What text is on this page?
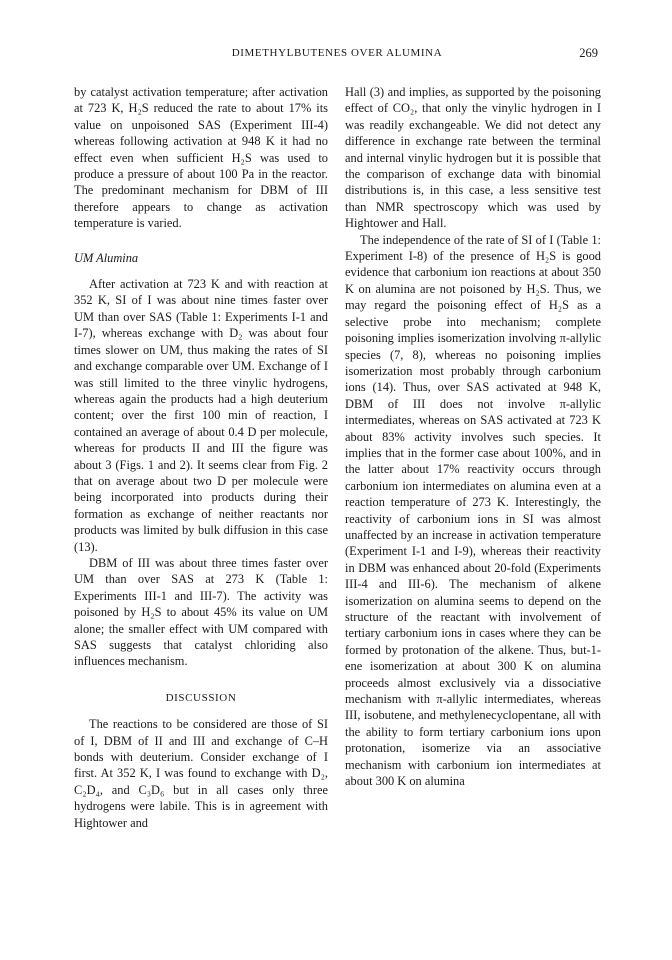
DIMETHYLBUTENES OVER ALUMINA	269

by catalyst activation temperature; after activation at 723 K, H₂S reduced the rate to about 17% its value on unpoisoned SAS (Experiment III-4) whereas following activation at 948 K it had no effect even when sufficient H₂S was used to produce a pressure of about 100 Pa in the reactor. The predominant mechanism for DBM of III therefore appears to change as activation temperature is varied.

UM Alumina

After activation at 723 K and with reaction at 352 K, SI of I was about nine times faster over UM than over SAS (Table 1: Experiments I-1 and I-7), whereas exchange with D₂ was about four times slower on UM, thus making the rates of SI and exchange comparable over UM. Exchange of I was still limited to the three vinylic hydrogens, whereas again the products had a high deuterium content; over the first 100 min of reaction, I contained an average of about 0.4 D per molecule, whereas for products II and III the figure was about 3 (Figs. 1 and 2). It seems clear from Fig. 2 that on average about two D per molecule were being incorporated into products during their formation as exchange of neither reactants nor products was limited by bulk diffusion in this case (13).

DBM of III was about three times faster over UM than over SAS at 273 K (Table 1: Experiments III-1 and III-7). The activity was poisoned by H₂S to about 45% its value on UM alone; the smaller effect with UM compared with SAS suggests that catalyst chloriding also influences mechanism.

DISCUSSION

The reactions to be considered are those of SI of I, DBM of II and III and exchange of C–H bonds with deuterium. Consider exchange of I first. At 352 K, I was found to exchange with D₂, C₂D₄, and C₃D₆ but in all cases only three hydrogens were labile. This is in agreement with Hightower and

Hall (3) and implies, as supported by the poisoning effect of CO₂, that only the vinylic hydrogen in I was readily exchangeable. We did not detect any difference in exchange rate between the terminal and internal vinylic hydrogen but it is possible that the comparison of exchange data with binomial distributions is, in this case, a less sensitive test than NMR spectroscopy which was used by Hightower and Hall.

The independence of the rate of SI of I (Table 1: Experiment I-8) of the presence of H₂S is good evidence that carbonium ion reactions at about 350 K on alumina are not poisoned by H₂S. Thus, we may regard the poisoning effect of H₂S as a selective probe into mechanism; complete poisoning implies isomerization involving π-allylic species (7, 8), whereas no poisoning implies isomerization most probably through carbonium ions (14). Thus, over SAS activated at 948 K, DBM of III does not involve π-allylic intermediates, whereas on SAS activated at 723 K about 83% activity involves such species. It implies that in the former case about 100%, and in the latter about 17% reactivity occurs through carbonium ion intermediates on alumina even at a reaction temperature of 273 K. Interestingly, the reactivity of carbonium ions in SI was almost unaffected by an increase in activation temperature (Experiment I-1 and I-9), whereas their reactivity in DBM was enhanced about 20-fold (Experiments III-4 and III-6). The mechanism of alkene isomerization on alumina seems to depend on the structure of the reactant with involvement of tertiary carbonium ions in cases where they can be formed by protonation of the alkene. Thus, but-1-ene isomerization at about 300 K on alumina proceeds almost exclusively via a dissociative mechanism with π-allylic intermediates, whereas III, isobutene, and methylenecyclopentane, all with the ability to form tertiary carbonium ions upon protonation, isomerize via an associative mechanism with carbonium ion intermediates at about 300 K on alumina
